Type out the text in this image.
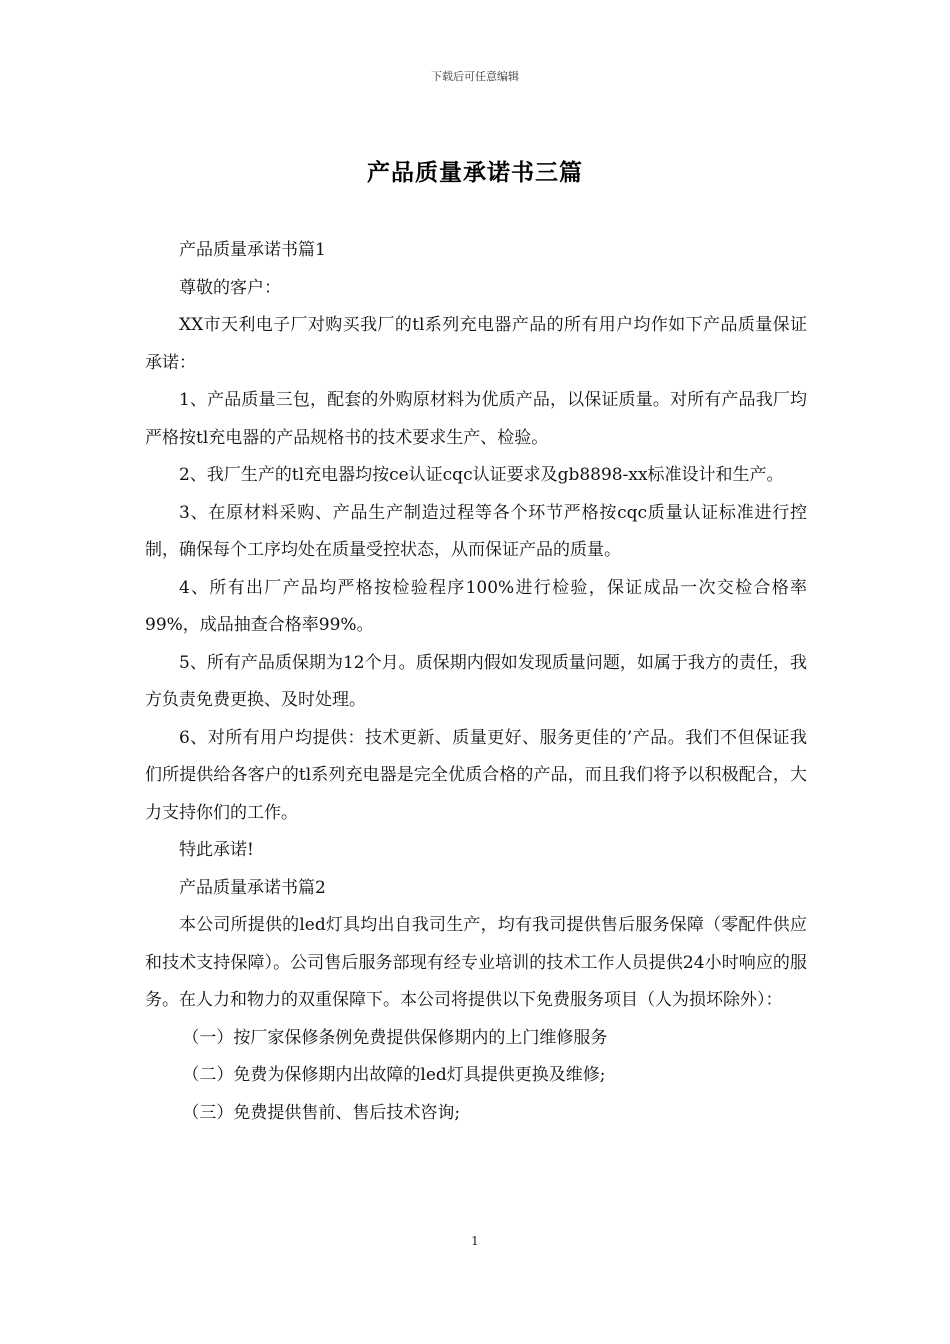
下载后可任意编辑
产品质量承诺书三篇

产品质量承诺书篇1

尊敬的客户：

XX市天利电子厂对购买我厂的tl系列充电器产品的所有用户均作如下产品质量保证承诺：

1、产品质量三包，配套的外购原材料为优质产品，以保证质量。对所有产品我厂均严格按tl充电器的产品规格书的技术要求生产、检验。

2、我厂生产的tl充电器均按ce认证cqc认证要求及gb8898-xx标准设计和生产。

3、在原材料采购、产品生产制造过程等各个环节严格按cqc质量认证标准进行控制，确保每个工序均处在质量受控状态，从而保证产品的质量。

4、所有出厂产品均严格按检验程序100%进行检验，保证成品一次交检合格率99%，成品抽查合格率99%。

5、所有产品质保期为12个月。质保期内假如发现质量问题，如属于我方的责任，我方负责免费更换、及时处理。

6、对所有用户均提供：技术更新、质量更好、服务更佳的’产品。我们不但保证我们所提供给各客户的tl系列充电器是完全优质合格的产品，而且我们将予以积极配合，大力支持你们的工作。

特此承诺!

产品质量承诺书篇2

本公司所提供的led灯具均出自我司生产，均有我司提供售后服务保障（零配件供应和技术支持保障）。公司售后服务部现有经专业培训的技术工作人员提供24小时响应的服务。在人力和物力的双重保障下。本公司将提供以下免费服务项目（人为损坏除外）：

（一）按厂家保修条例免费提供保修期内的上门维修服务

（二）免费为保修期内出故障的led灯具提供更换及维修;

（三）免费提供售前、售后技术咨询;

1
